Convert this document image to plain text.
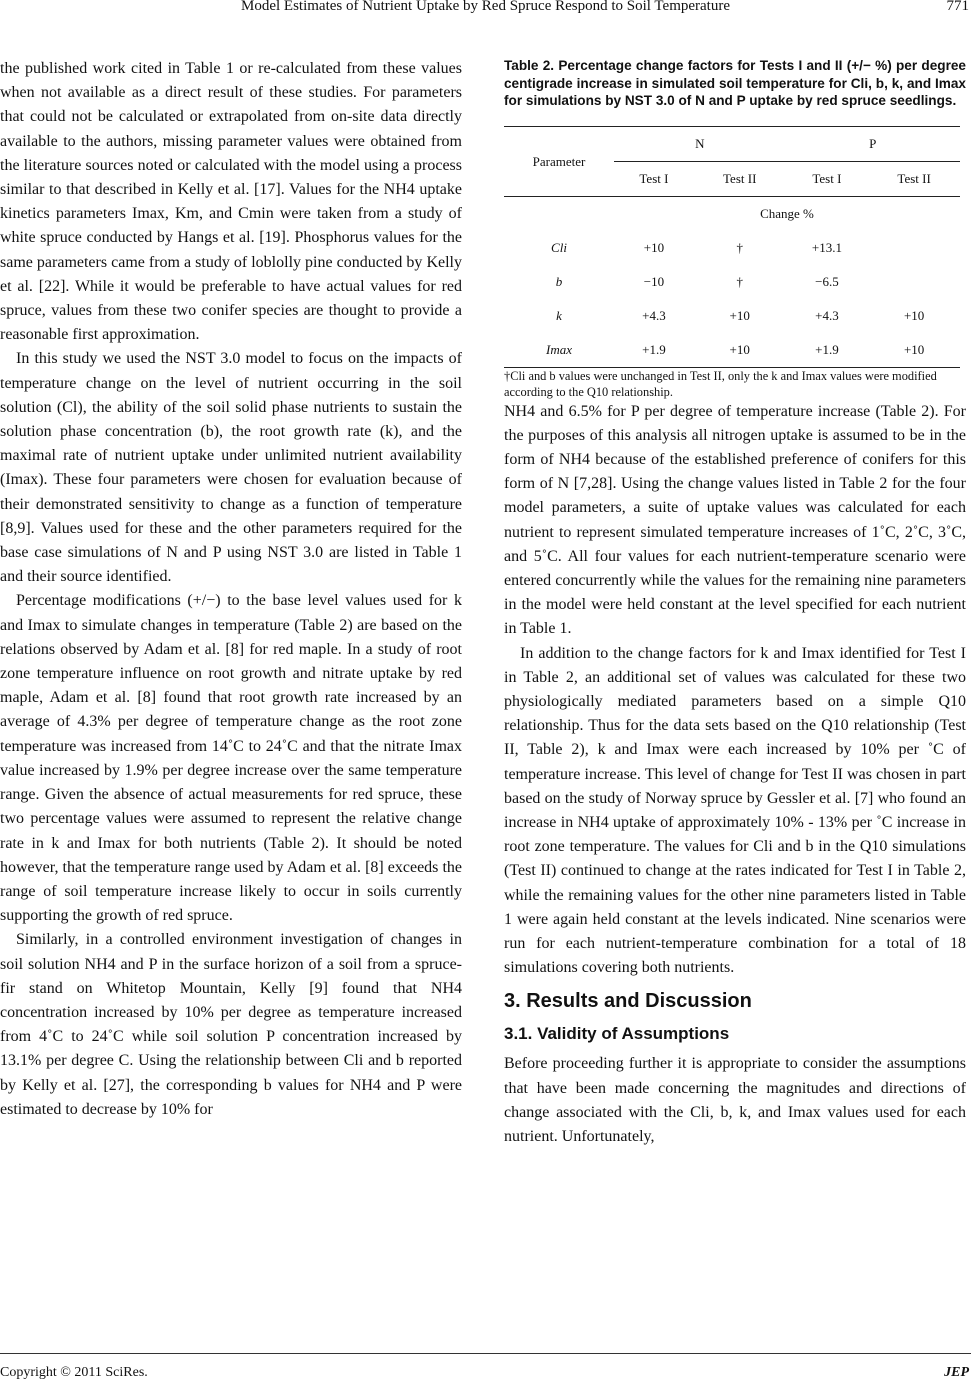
Model Estimates of Nutrient Uptake by Red Spruce Respond to Soil Temperature	771

the published work cited in Table 1 or re-calculated from these values when not available as a direct result of these studies. For parameters that could not be calculated or extrapolated from on-site data directly available to the authors, missing parameter values were obtained from the literature sources noted or calculated with the model using a process similar to that described in Kelly et al. [17]. Values for the NH4 uptake kinetics parameters Imax, Km, and Cmin were taken from a study of white spruce conducted by Hangs et al. [19]. Phosphorus values for the same parameters came from a study of loblolly pine conducted by Kelly et al. [22]. While it would be preferable to have actual values for red spruce, values from these two conifer species are thought to provide a reasonable first approximation.

In this study we used the NST 3.0 model to focus on the impacts of temperature change on the level of nutrient occurring in the soil solution (Cl), the ability of the soil solid phase nutrients to sustain the solution phase concentration (b), the root growth rate (k), and the maximal rate of nutrient uptake under unlimited nutrient availability (Imax). These four parameters were chosen for evaluation because of their demonstrated sensitivity to change as a function of temperature [8,9]. Values used for these and the other parameters required for the base case simulations of N and P using NST 3.0 are listed in Table 1 and their source identified.

Percentage modifications (+/−) to the base level values used for k and Imax to simulate changes in temperature (Table 2) are based on the relations observed by Adam et al. [8] for red maple. In a study of root zone temperature influence on root growth and nitrate uptake by red maple, Adam et al. [8] found that root growth rate increased by an average of 4.3% per degree of temperature change as the root zone temperature was increased from 14˚C to 24˚C and that the nitrate Imax value increased by 1.9% per degree increase over the same temperature range. Given the absence of actual measurements for red spruce, these two percentage values were assumed to represent the relative change rate in k and Imax for both nutrients (Table 2). It should be noted however, that the temperature range used by Adam et al. [8] exceeds the range of soil temperature increase likely to occur in soils currently supporting the growth of red spruce.

Similarly, in a controlled environment investigation of changes in soil solution NH4 and P in the surface horizon of a soil from a spruce-fir stand on Whitetop Mountain, Kelly [9] found that NH4 concentration increased by 10% per degree as temperature increased from 4˚C to 24˚C while soil solution P concentration increased by 13.1% per degree C. Using the relationship between Cli and b reported by Kelly et al. [27], the corresponding b values for NH4 and P were estimated to decrease by 10% for

Table 2. Percentage change factors for Tests I and II (+/− %) per degree centigrade increase in simulated soil temperature for Cli, b, k, and Imax for simulations by NST 3.0 of N and P uptake by red spruce seedlings.

Parameter	N		P	
	Test I	Test II	Test I	Test II
	Change %			
Cli	+10	†	+13.1	
b	−10	†	−6.5	
k	+4.3	+10	+4.3	+10
Imax	+1.9	+10	+1.9	+10

†Cli and b values were unchanged in Test II, only the k and Imax values were modified according to the Q10 relationship.

NH4 and 6.5% for P per degree of temperature increase (Table 2). For the purposes of this analysis all nitrogen uptake is assumed to be in the form of NH4 because of the established preference of conifers for this form of N [7,28]. Using the change values listed in Table 2 for the four model parameters, a suite of uptake values was calculated for each nutrient to represent simulated temperature increases of 1˚C, 2˚C, 3˚C, and 5˚C. All four values for each nutrient-temperature scenario were entered concurrently while the values for the remaining nine parameters in the model were held constant at the level specified for each nutrient in Table 1.

In addition to the change factors for k and Imax identified for Test I in Table 2, an additional set of values was calculated for these two physiologically mediated parameters based on a simple Q10 relationship. Thus for the data sets based on the Q10 relationship (Test II, Table 2), k and Imax were each increased by 10% per ˚C of temperature increase. This level of change for Test II was chosen in part based on the study of Norway spruce by Gessler et al. [7] who found an increase in NH4 uptake of approximately 10% - 13% per ˚C increase in root zone temperature. The values for Cli and b in the Q10 simulations (Test II) continued to change at the rates indicated for Test I in Table 2, while the remaining values for the other nine parameters listed in Table 1 were again held constant at the levels indicated. Nine scenarios were run for each nutrient-temperature combination for a total of 18 simulations covering both nutrients.

3. Results and Discussion
3.1. Validity of Assumptions

Before proceeding further it is appropriate to consider the assumptions that have been made concerning the magnitudes and directions of change associated with the Cli, b, k, and Imax values used for each nutrient. Unfortunately,

Copyright © 2011 SciRes.	JEP
